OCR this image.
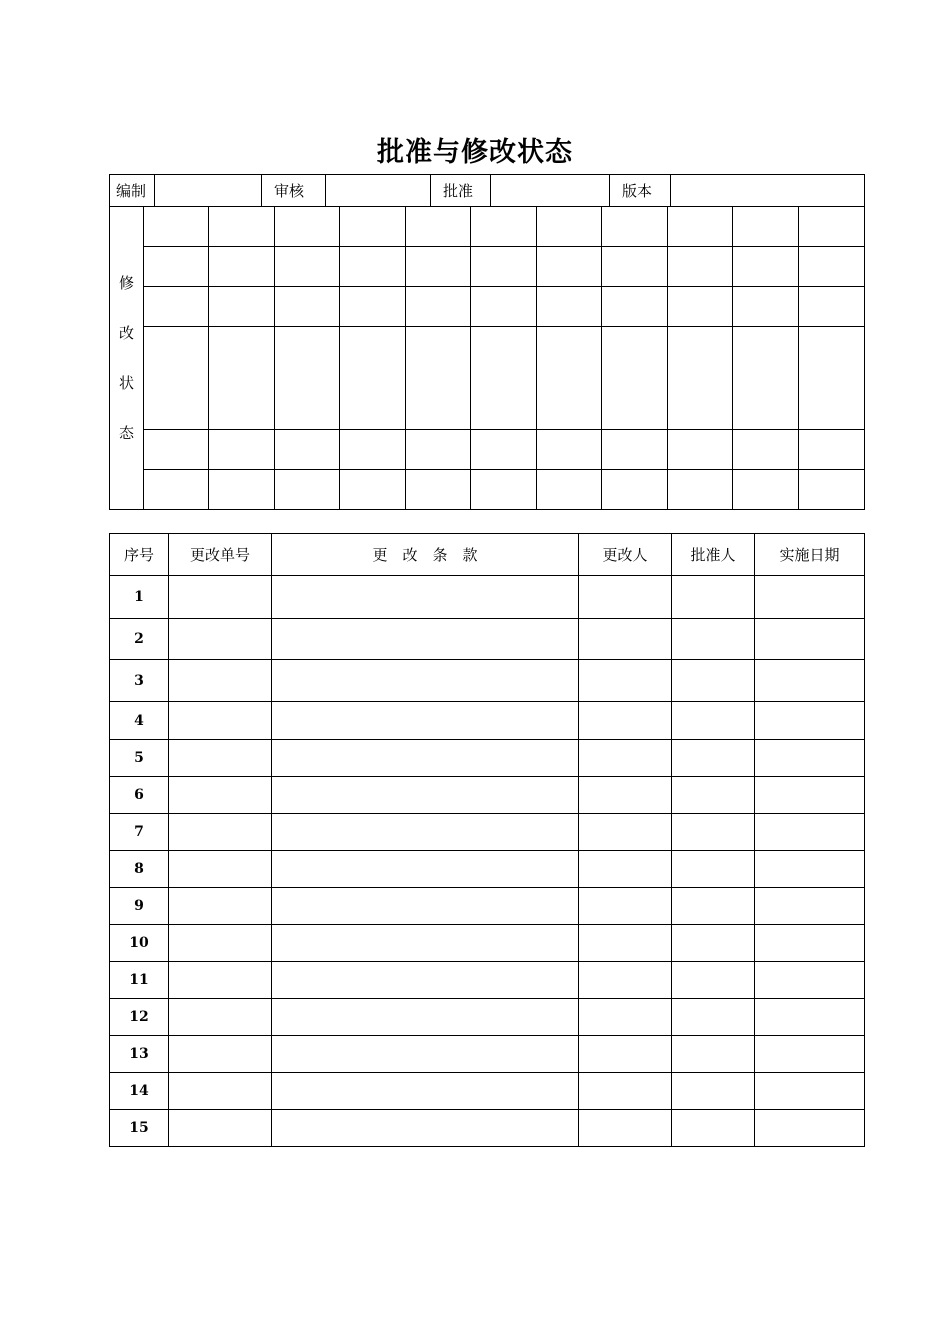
批准与修改状态
编制		审核		批准		版本	
修
改
状
态											

序号	更改单号	更　改　条　款	更改人	批准人	实施日期
1					
2					
3					
4					
5					
6					
7					
8					
9					
10					
11					
12					
13					
14					
15					
